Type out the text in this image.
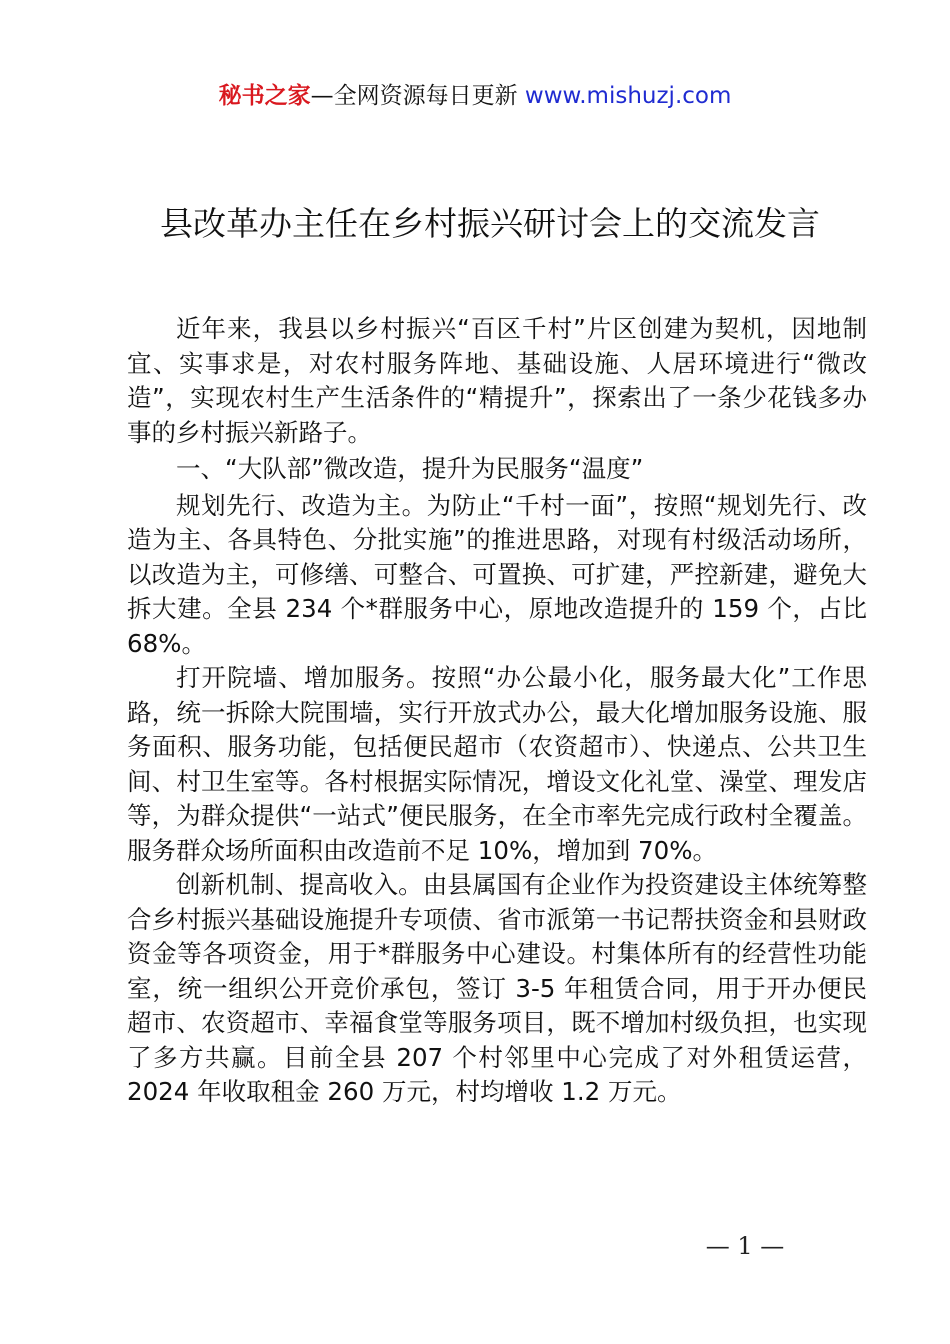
秘书之家—全网资源每日更新 www.mishuzj.com
县改革办主任在乡村振兴研讨会上的交流发言

近年来，我县以乡村振兴“百区千村”片区创建为契机，因地制宜、实事求是，对农村服务阵地、基础设施、人居环境进行“微改造”，实现农村生产生活条件的“精提升”，探索出了一条少花钱多办事的乡村振兴新路子。

一、“大队部”微改造，提升为民服务“温度”

规划先行、改造为主。为防止“千村一面”，按照“规划先行、改造为主、各具特色、分批实施”的推进思路，对现有村级活动场所，以改造为主，可修缮、可整合、可置换、可扩建，严控新建，避免大拆大建。全县 234 个*群服务中心，原地改造提升的 159 个，占比 68%。

打开院墙、增加服务。按照“办公最小化，服务最大化”工作思路，统一拆除大院围墙，实行开放式办公，最大化增加服务设施、服务面积、服务功能，包括便民超市（农资超市）、快递点、公共卫生间、村卫生室等。各村根据实际情况，增设文化礼堂、澡堂、理发店等，为群众提供“一站式”便民服务，在全市率先完成行政村全覆盖。服务群众场所面积由改造前不足 10%，增加到 70%。

创新机制、提高收入。由县属国有企业作为投资建设主体统筹整合乡村振兴基础设施提升专项债、省市派第一书记帮扶资金和县财政资金等各项资金，用于*群服务中心建设。村集体所有的经营性功能室，统一组织公开竞价承包，签订 3-5 年租赁合同，用于开办便民超市、农资超市、幸福食堂等服务项目，既不增加村级负担，也实现了多方共赢。目前全县 207 个村邻里中心完成了对外租赁运营，2024 年收取租金 260 万元，村均增收 1.2 万元。

— 1 —
